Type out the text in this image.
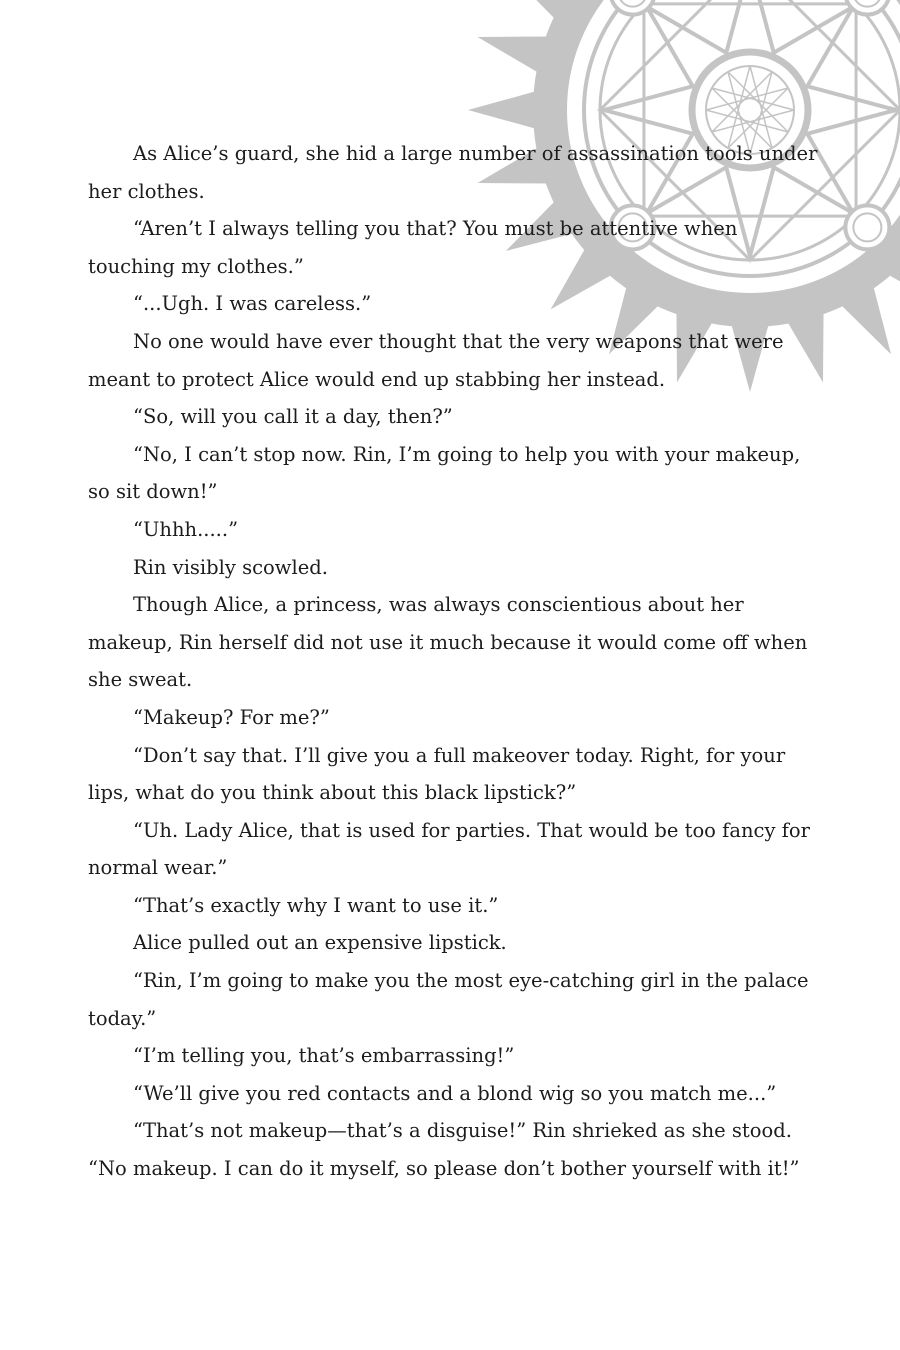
As Alice’s guard, she hid a large number of assassination tools under her clothes.

“Aren’t I always telling you that? You must be attentive when touching my clothes.”

“...Ugh. I was careless.”

No one would have ever thought that the very weapons that were meant to protect Alice would end up stabbing her instead.

“So, will you call it a day, then?”

“No, I can’t stop now. Rin, I’m going to help you with your makeup, so sit down!”

“Uhhh.....”

Rin visibly scowled.

Though Alice, a princess, was always conscientious about her makeup, Rin herself did not use it much because it would come off when she sweat.

“Makeup? For me?”

“Don’t say that. I’ll give you a full makeover today. Right, for your lips, what do you think about this black lipstick?”

“Uh. Lady Alice, that is used for parties. That would be too fancy for normal wear.”

“That’s exactly why I want to use it.”

Alice pulled out an expensive lipstick.

“Rin, I’m going to make you the most eye-catching girl in the palace today.”

“I’m telling you, that’s embarrassing!”

“We’ll give you red contacts and a blond wig so you match me...”

“That’s not makeup—that’s a disguise!” Rin shrieked as she stood. “No makeup. I can do it myself, so please don’t bother yourself with it!”
